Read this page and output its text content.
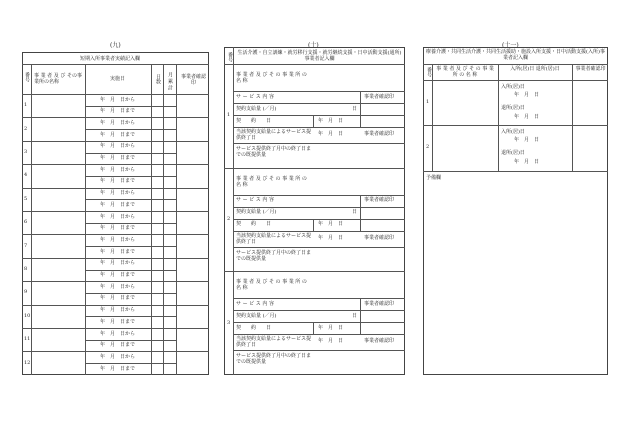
(九)
短期入所事業者実績記入欄
番号 事 業 者 及 び その事業所の名称	実施日	日数 月 累 計	事業者確認印
1
年　月　日から
年　月　日まで
2
年　月　日から
年　月　日まで
3
年　月　日から
年　月　日まで
4
年　月　日から
年　月　日まで
5
年　月　日から
年　月　日まで
6
年　月　日から
年　月　日まで
7
年　月　日から
年　月　日まで
8
年　月　日から
年　月　日まで
9
年　月　日から
年　月　日まで
10
年　月　日から
年　月　日まで
11
年　月　日から
年　月　日まで
12
年　月　日から
年　月　日まで
(十)
番号 生活介護・自立訓練・就労移行支援・就労継続支援・日中活動支援(通所)事業者記入欄
1
事 業 者 及 び そ の 事 業 所 の 名 称
サ ー ビ ス 内 容	事業者確認印
契約支給量 (／月)	日
契　　約　　日	年　月　日
当該契約支給量によるサービス提供終了日
年　月　日	事業者確認印
サービス提供終了月中の終了日までの既提供量
2
事 業 者 及 び そ の 事 業 所 の 名 称
サ ー ビ ス 内 容	事業者確認印
契約支給量 (／月)	日
契　　約　　日	年　月　日
当該契約支給量によるサービス提供終了日
年　月　日	事業者確認印
サービス提供終了月中の終了日までの既提供量
3
事 業 者 及 び そ の 事 業 所 の 名 称
サ ー ビ ス 内 容	事業者確認印
契約支給量 (／月)	日
契　　約　　日	年　月　日
当該契約支給量によるサービス提供終了日
年　月　日	事業者確認印
サービス提供終了月中の終了日までの既提供量
(十一)
療養介護・共同生活介護・共同生活援助・施設入所支援・日中活動支援(入所)事業者記入欄
番号 事 業 者 及 び そ の 事 業 所 の 名 称
入所(居)日 退所(居)日	事業者確認印
1
入所(居)日
年　月　日
退所(居)日
年　月　日
2
入所(居)日
年　月　日
退所(居)日
年　月　日
予備欄
